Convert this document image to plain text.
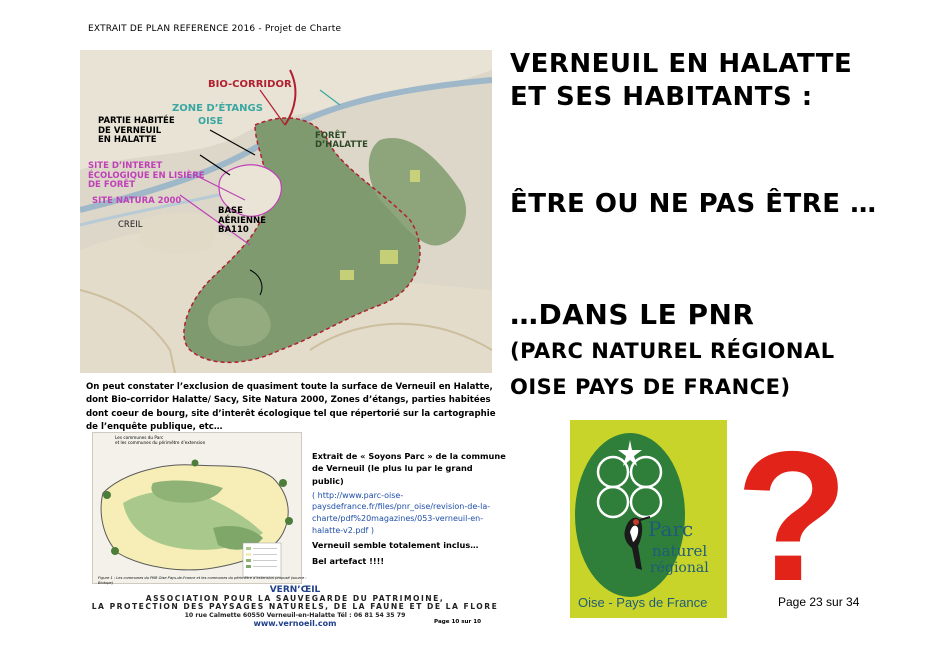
EXTRAIT DE PLAN REFERENCE 2016 - Projet de Charte
BIO-CORRIDOR
ZONE D’ÉTANGS
OISE
PARTIE HABITÉE
DE VERNEUIL
EN HALATTE	FORÊT
D’HALATTE
SITE D’INTERET
ÉCOLOGIQUE EN LISIÈRE
DE FORÊT
SITE NATURA 2000
CREIL
BASE
AÉRIENNE
BA110
On peut constater l’exclusion de quasiment toute la surface de Verneuil en Halatte, dont Bio-corridor Halatte/ Sacy, Site Natura 2000, Zones d’étangs, parties habitées dont coeur de bourg, site d’interêt écologique tel que répertorié sur la cartographie de l’enquête publique, etc…
Les communes du Parc
et les communes du périmètre d’extension
Figure 1 : Les communes du PNR Oise Pays-de-France et les communes du périmètre d’extension proposé (source : Biotope)

Extrait de « Soyons Parc » de la commune de Verneuil (le plus lu par le grand public)

( http://www.parc-oise-paysdefrance.fr/files/pnr_oise/revision-de-la-charte/pdf%20magazines/053-verneuil-en-halatte-v2.pdf )

Verneuil semble totalement inclus…

Bel artefact !!!!

VERN’ŒIL
ASSOCIATION POUR LA SAUVEGARDE DU PATRIMOINE,
LA PROTECTION DES PAYSAGES NATURELS, DE LA FAUNE ET DE LA FLORE
10 rue Calmette 60550 Verneuil-en-Halatte Tél : 06 81 54 35 79
www.vernoeil.com	Page 10 sur 10
VERNEUIL EN HALATTE
ET SES HABITANTS :
ÊTRE OU NE PAS ÊTRE …
…DANS LE PNR
(PARC NATUREL RÉGIONAL
OISE PAYS DE FRANCE)
Parc
naturel
régional
Oise - Pays de France	Page 23 sur 34
